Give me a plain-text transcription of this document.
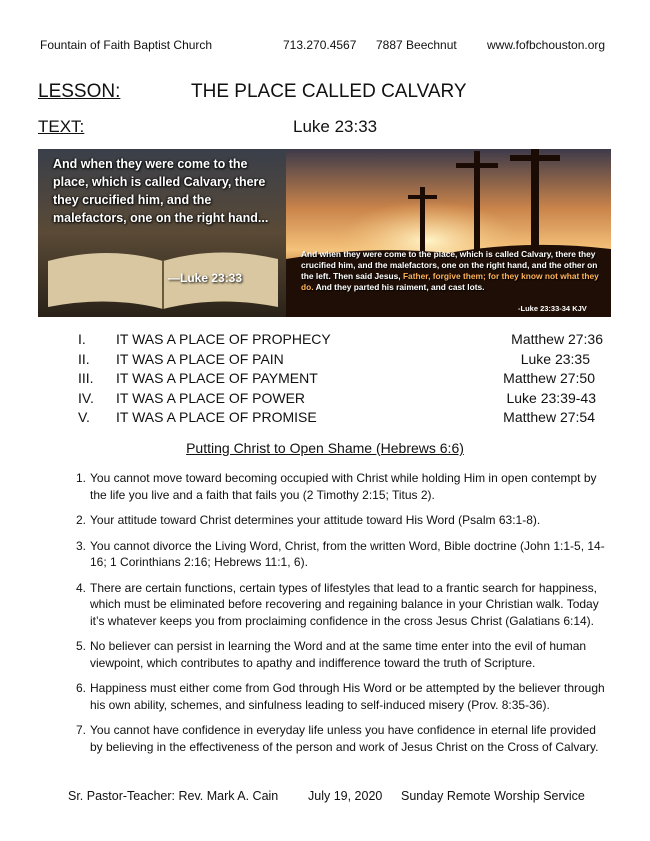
Fountain of Faith Baptist Church	713.270.4567 7887 Beechnut	www.fofbchouston.org
LESSON:	THE PLACE CALLED CALVARY
TEXT:	Luke 23:33
And when they were come to the place, which is called Calvary, there they crucified him, and the malefactors, one on the right hand...
—Luke 23:33
And when they were come to the place, which is called Calvary, there they crucified him, and the malefactors, one on the right hand, and the other on the left. Then said Jesus, Father, forgive them; for they know not what they do. And they parted his raiment, and cast lots.
-Luke 23:33-34 KJV
I. IT WAS A PLACE OF PROPHECY	Matthew 27:36
II. IT WAS A PLACE OF PAIN	Luke 23:35
III. IT WAS A PLACE OF PAYMENT	Matthew 27:50
IV. IT WAS A PLACE OF POWER	Luke 23:39-43
V. IT WAS A PLACE OF PROMISE	Matthew 27:54
Putting Christ to Open Shame (Hebrews 6:6)
1. You cannot move toward becoming occupied with Christ while holding Him in open contempt by the life you live and a faith that fails you (2 Timothy 2:15; Titus 2).
2. Your attitude toward Christ determines your attitude toward His Word (Psalm 63:1-8).
3. You cannot divorce the Living Word, Christ, from the written Word, Bible doctrine (John 1:1-5, 14-16; 1 Corinthians 2:16; Hebrews 11:1, 6).
4. There are certain functions, certain types of lifestyles that lead to a frantic search for happiness, which must be eliminated before recovering and regaining balance in your Christian walk. Today it’s whatever keeps you from proclaiming confidence in the cross Jesus Christ (Galatians 6:14).
5. No believer can persist in learning the Word and at the same time enter into the evil of human viewpoint, which contributes to apathy and indifference toward the truth of Scripture.
6. Happiness must either come from God through His Word or be attempted by the believer through his own ability, schemes, and sinfulness leading to self-induced misery (Prov. 8:35-36).
7. You cannot have confidence in everyday life unless you have confidence in eternal life provided by believing in the effectiveness of the person and work of Jesus Christ on the Cross of Calvary.
Sr. Pastor-Teacher: Rev. Mark A. Cain July 19, 2020 Sunday Remote Worship Service
